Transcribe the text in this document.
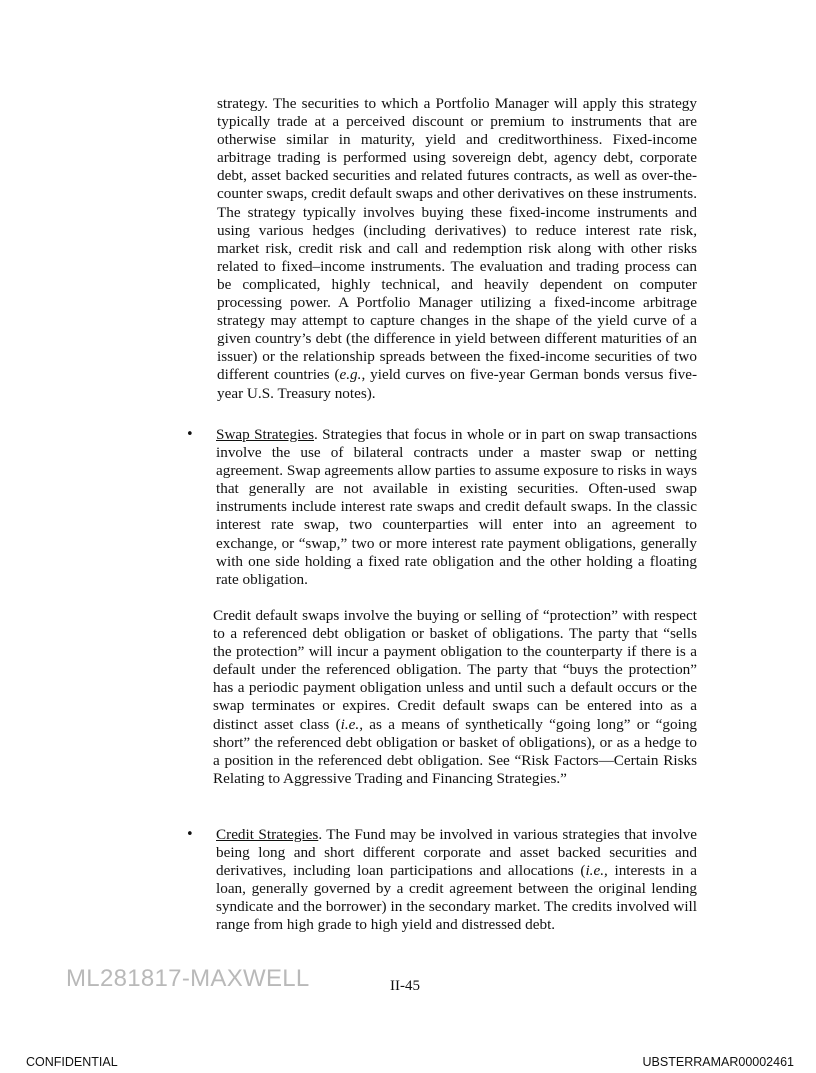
strategy. The securities to which a Portfolio Manager will apply this strategy typically trade at a perceived discount or premium to instruments that are otherwise similar in maturity, yield and creditworthiness. Fixed-income arbitrage trading is performed using sovereign debt, agency debt, corporate debt, asset backed securities and related futures contracts, as well as over-the-counter swaps, credit default swaps and other derivatives on these instruments. The strategy typically involves buying these fixed-income instruments and using various hedges (including derivatives) to reduce interest rate risk, market risk, credit risk and call and redemption risk along with other risks related to fixed–income instruments. The evaluation and trading process can be complicated, highly technical, and heavily dependent on computer processing power. A Portfolio Manager utilizing a fixed-income arbitrage strategy may attempt to capture changes in the shape of the yield curve of a given country’s debt (the difference in yield between different maturities of an issuer) or the relationship spreads between the fixed-income securities of two different countries (e.g., yield curves on five-year German bonds versus five-year U.S. Treasury notes).

•	Swap Strategies. Strategies that focus in whole or in part on swap transactions involve the use of bilateral contracts under a master swap or netting agreement. Swap agreements allow parties to assume exposure to risks in ways that generally are not available in existing securities. Often-used swap instruments include interest rate swaps and credit default swaps. In the classic interest rate swap, two counterparties will enter into an agreement to exchange, or “swap,” two or more interest rate payment obligations, generally with one side holding a fixed rate obligation and the other holding a floating rate obligation.

Credit default swaps involve the buying or selling of “protection” with respect to a referenced debt obligation or basket of obligations. The party that “sells the protection” will incur a payment obligation to the counterparty if there is a default under the referenced obligation. The party that “buys the protection” has a periodic payment obligation unless and until such a default occurs or the swap terminates or expires. Credit default swaps can be entered into as a distinct asset class (i.e., as a means of synthetically “going long” or “going short” the referenced debt obligation or basket of obligations), or as a hedge to a position in the referenced debt obligation. See “Risk Factors—Certain Risks Relating to Aggressive Trading and Financing Strategies.”

•	Credit Strategies. The Fund may be involved in various strategies that involve being long and short different corporate and asset backed securities and derivatives, including loan participations and allocations (i.e., interests in a loan, generally governed by a credit agreement between the original lending syndicate and the borrower) in the secondary market. The credits involved will range from high grade to high yield and distressed debt.

ML281817-MAXWELL	II-45
CONFIDENTIAL	UBSTERRAMAR00002461
